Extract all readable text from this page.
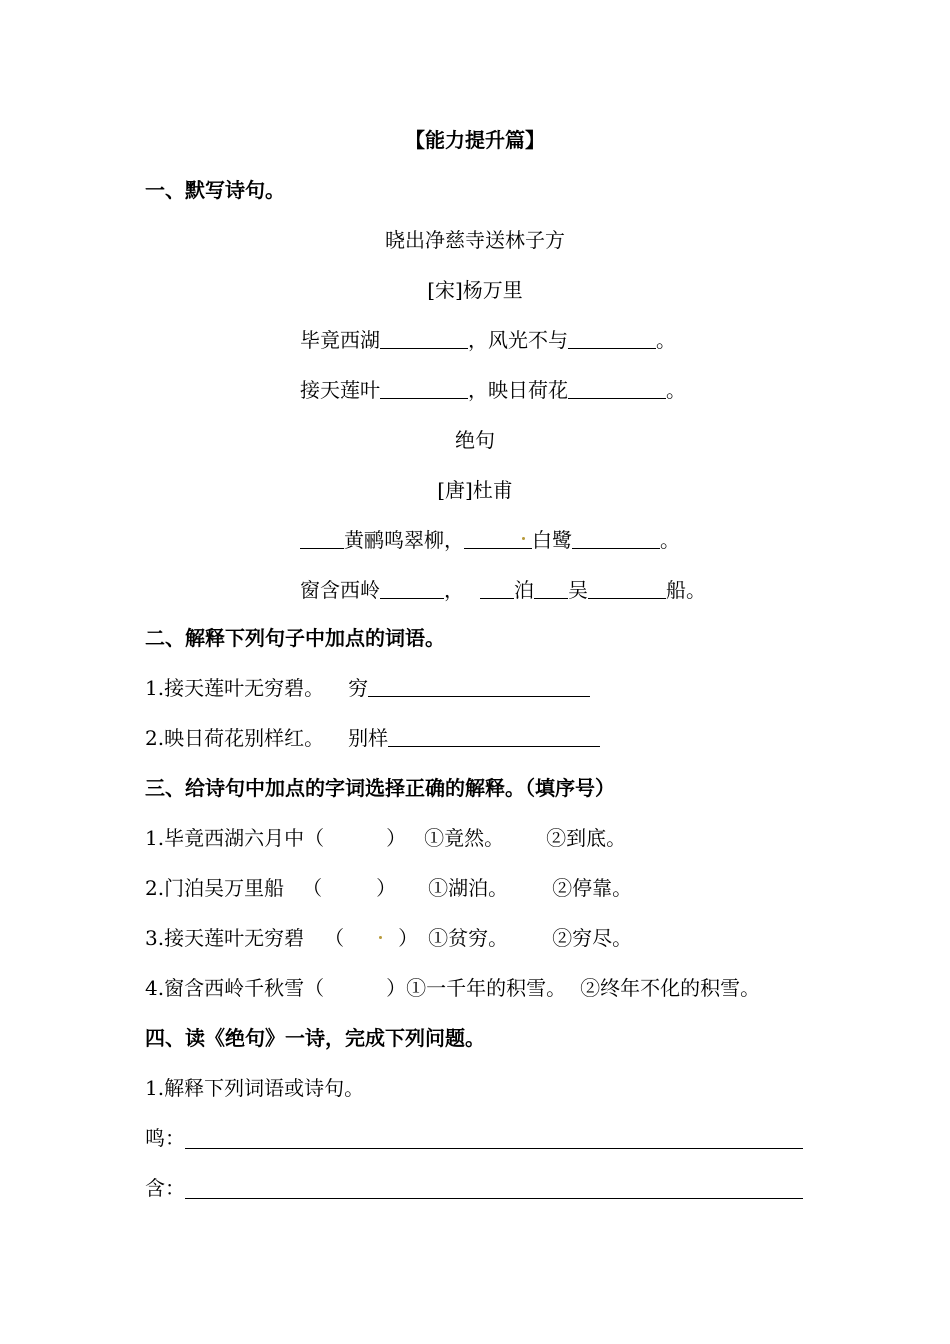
【能力提升篇】
一、默写诗句。
晓出净慈寺送林子方
[宋]杨万里
毕竟西湖	，风光不与	。
接天莲叶	，映日荷花	。
绝句
[唐]杜甫
黄鹂鸣翠柳，	白鹭	。
窗含西岭	，	泊 吴	船。
二、解释下列句子中加点的词语。
1.接天莲叶无穷碧。 穷
2.映日荷花别样红。 别样
三、给诗句中加点的字词选择正确的解释。（填序号）
1.毕竟西湖六月中（	） ①竟然。 ②到底。
2.门泊吴万里船 （	） ①湖泊。 ②停靠。
3.接天莲叶无穷碧 （	） ①贫穷。 ②穷尽。
4.窗含西岭千秋雪（	）①一千年的积雪。 ②终年不化的积雪。
四、读《绝句》一诗，完成下列问题。
1.解释下列词语或诗句。
鸣：
含：
